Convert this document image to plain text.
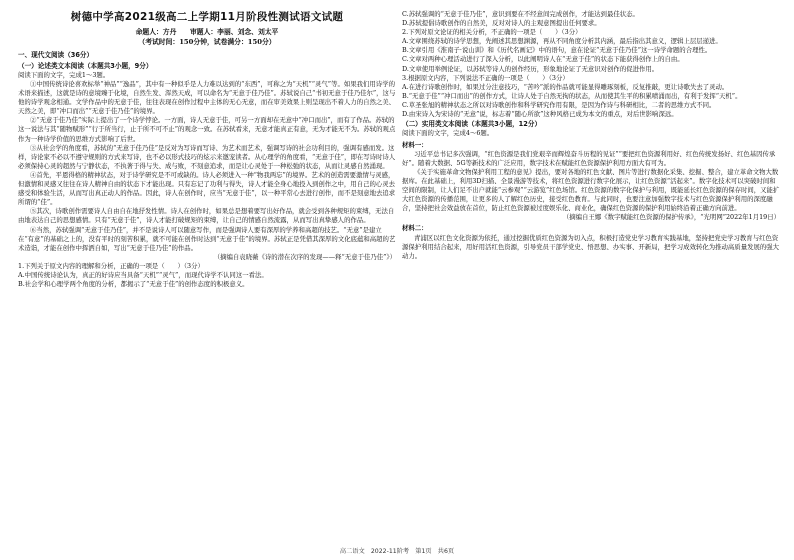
树德中学高2021级高二上学期11月阶段性测试语文试题
命题人：方丹　　审题人：李丽、刘念、刘太平
（考试时间：150分钟，试卷满分：150分）
一、现代文阅读（36分）
（一）论述类文本阅读（本题共3小题，9分）

阅读下面的文字，完成1～3题。

①中国传统诗论喜欢标举“神品”“逸品”，其中有一种似乎是人力难以达到的“东西”，可称之为“天机”“灵气”等。如果我们用诗学的术语来描述，这就是诗的意境臻于化境，自然生发、浑然天成，可以命名为“无意于佳乃佳”。苏轼说自己“书初无意于佳乃佳尔”，这与他的诗学观念相通。文学作品中的无意于佳，往往表现在创作过程中主体的无心无意，而在审美效果上则呈现出不着人力的自然之美、天然之美，即“冲口而出”“无意于佳乃佳”的境界。

②“无意于佳乃佳”实际上提出了一个诗学悖论。一方面，诗人无意于佳，可另一方面却在无意中“冲口而出”，而有了作品。苏轼的这一说法与其“随物赋形”“行于所当行，止于所不可不止”的观念一致。在苏轼看来，无意才能真正有意，无为才能无不为。苏轼的观点作为一种诗学价值的思维方式影响了后世。

③从社会学的角度看，苏轼的“无意于佳乃佳”是反对为写诗而写诗、为艺术而艺术，强调写诗的社会功利目的，强调有感而发。这样，诗论家不必以不遵守规则的方式来写诗，也不必以形式技巧的炫示来邀宠读者。从心理学的角度看，“无意于佳”，即在写诗时诗人必须保持心灵的超然与宁静状态，不执著于得与失、成与败，不刻意追求，而是让心灵处于一种松弛的状态，从而让灵感自然涌现。

④首先，平恩得格的精神状态，对于诗学研究是不可或缺的。诗人必须进入一种“物我两忘”的境界。艺术的创造需要激情与灵感，但激情和灵感又往往在诗人精神自由的状态下才能出现。只有忘记了功利与得失，诗人才能全身心地投入到创作之中，用自己的心灵去感受和体验生活，从而写出真正动人的作品。因此，诗人在创作时，应当“无意于佳”，以一种平常心去进行创作，而不是刻意地去追求所谓的“佳”。

⑤其次，诗歌创作需要诗人自由自在地抒发性情。诗人在创作时，如果总是想着要写出好作品，就会受到各种规矩的束缚，无法自由地表达自己的思想感情。只有“无意于佳”，诗人才能打破规矩的束缚，让自己的情感自然流露，从而写出真挚感人的作品。

⑥当然，苏轼强调“无意于佳乃佳”，并不是说诗人可以随意写作，而是强调诗人要有深厚的学养和高超的技艺。“无意”是建立在“有意”的基础之上的，没有平时的刻苦积累，就不可能在创作时达到“无意于佳”的境界。苏轼正是凭借其深厚的文化底蕴和高超的艺术造诣，才能在创作中挥洒自如，写出“无意于佳乃佳”的作品。

（摘编自袁晓薇《诗的潜在次序的发现——释“无意于佳乃佳”》）

1.下列关于原文内容的理解和分析，正确的一项是（　　）（3分）

A.中国传统诗论认为，真正的好诗应当具备“天机”“灵气”，而现代诗学不认同这一看法。

B.社会学和心理学两个角度的分析，都揭示了“无意于佳”的创作态度的积极意义。

C.苏轼强调的“无意于佳乃佳”，意识到要在不经意间完成创作，才能达到最佳状态。

D.苏轼提倡诗歌创作的自然美，反对对诗人的主观意图提出任何要求。

2.下列对原文论证的相关分析，不正确的一项是（　　）（3分）

A.文章围绕苏轼的诗学思想，先阐述其思想渊源，再从不同角度分析其内涵，最后指出其意义，逻辑上层层递进。

B.文章引用《淮南子·说山训》和《历代名画记》中的语句，意在论证“无意于佳乃佳”这一诗学命题的合理性。

C.文章对两种心理活动进行了深入分析，以此阐明诗人在“无意于佳”的状态下能获得创作上的自由。

D.文章使用举例论证，以苏轼等诗人的创作经历，形象地论证了无意识对创作的促进作用。

3.根据原文内容，下列说法不正确的一项是（　　）（3分）

A.在进行诗歌创作时，如果过分注意技巧，“苦吟”派的作品就可能显得雕琢刻板，反复推敲，更让诗歌失去了灵动。

B.“无意于佳”“冲口而出”的创作方式，让诗人处于自然无拘的状态，从而使其生平的积累喷涌而出，有利于发挥“天机”。

C.草圣张旭的精神状态之所以对诗歌创作和科学研究作用有限，是因为作诗与科研相比，二者的思维方式不同。

D.由宋诗入为宋诗的“无意”说，标志着“随心所欲”这种风格已成为本文的重点，对后世影响深远。

（二）实用类文本阅读（本题共3小题，12分）

阅读下面的文字，完成4～6题。

材料一：

习近平总书记多次强调，“红色资源是我们党艰辛而辉煌奋斗历程的见证”“要把红色资源利用好、红色传统发扬好、红色基因传承好”。随着大数据、5G等新技术的广泛应用，数字技术在赋能红色资源保护利用方面大有可为。

《关于实施革命文物保护利用工程的意见》提出，要对各地的红色文献、图片等进行数据化采集、挖掘、整合，建立革命文物大数据库。在此基础上，利用3D扫描、全景漫游等技术，将红色资源进行数字化展示，让红色资源“活起来”。数字化技术可以突破时间和空间的限制，让人们足不出户就能“云参观”“云游览”红色场馆。红色资源的数字化保护与利用，既能延长红色资源的保存时间，又能扩大红色资源的传播范围，让更多的人了解红色历史，接受红色教育。与此同时，也要注意加强数字技术与红色资源保护利用的深度融合，坚持把社会效益放在首位，防止红色资源被过度娱乐化、商业化，确保红色资源的保护利用始终沿着正确方向前进。

（摘编自王娜《数字赋能红色资源的保护传承》，“光明网”2022年1月19日）

材料二：

青浦区以红色文化资源为依托，通过挖掘优质红色资源为切入点，积极打造党史学习教育实践基地，坚持把党史学习教育与红色资源保护利用结合起来，用好用活红色资源，引导党员干部学党史、悟思想、办实事、开新局，把学习成效转化为推动高质量发展的强大动力。

高二语文　2022-11阶考　第1页　共6页
